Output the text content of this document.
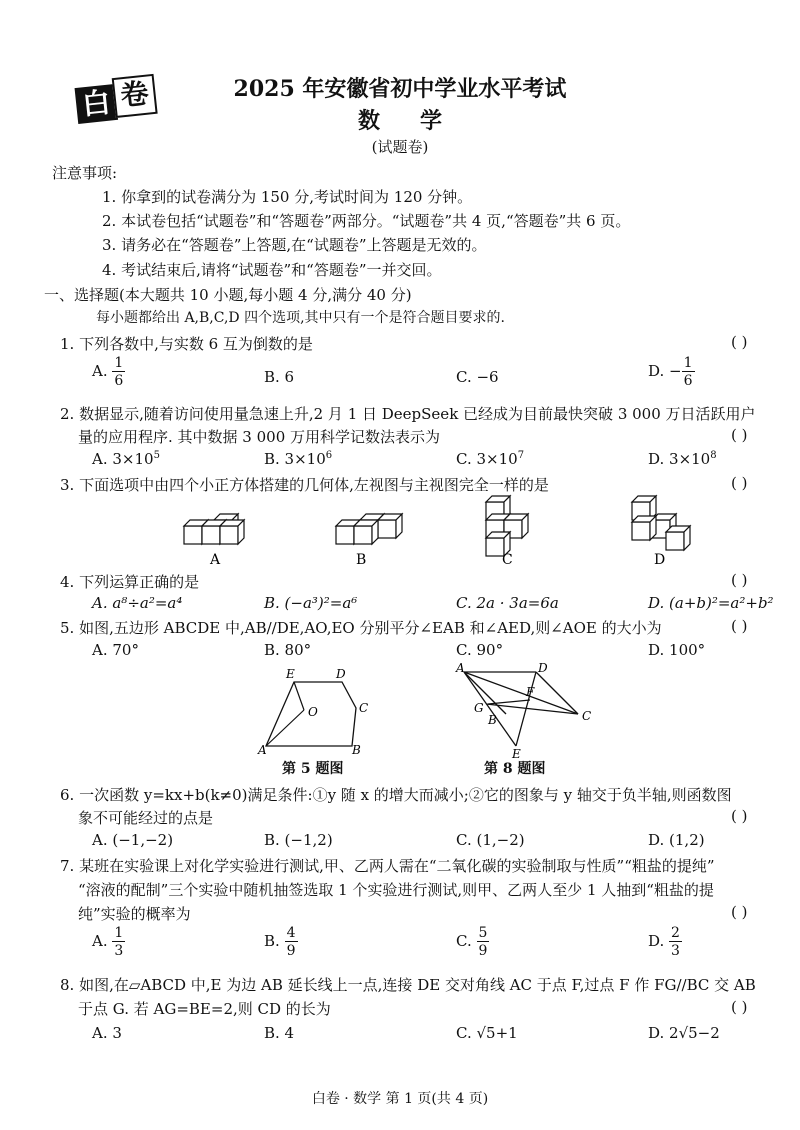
白 卷	2025 年安徽省初中学业水平考试
数学
(试题卷)
注意事项:
1. 你拿到的试卷满分为 150 分,考试时间为 120 分钟。
2. 本试卷包括“试题卷”和“答题卷”两部分。“试题卷”共 4 页,“答题卷”共 6 页。
3. 请务必在“答题卷”上答题,在“试题卷”上答题是无效的。
4. 考试结束后,请将“试题卷”和“答题卷”一并交回。
一、选择题(本大题共 10 小题,每小题 4 分,满分 40 分)
每小题都给出 A,B,C,D 四个选项,其中只有一个是符合题目要求的.
1. 下列各数中,与实数 6 互为倒数的是	( )
A. $\frac{1}{6}$	B. 6	C. −6	D. − $\frac{1}{6}$
2. 数据显示,随着访问使用量急速上升,2 月 1 日 DeepSeek 已经成为目前最快突破 3 000 万日活跃用户
量的应用程序. 其中数据 3 000 万用科学记数法表示为	( )
A. $3\times 10^5$	B. $3\times 10^6$	C. $3\times 10^7$	D. $3\times 10^8$
3. 下面选项中由四个小正方体搭建的几何体,左视图与主视图完全一样的是	( )
A	B	C	D
4. 下列运算正确的是	( )
A. a⁸÷a²=a⁴	B. (−a³)²=a⁶	C. 2a · 3a=6a	D. (a+b)²=a²+b²
5. 如图,五边形 ABCDE 中,AB//DE,AO,EO 分别平分∠EAB 和∠AED,则∠AOE 的大小为	( )
A. 70°	B. 80°	C. 90°	D. 100°
E	D
C
O
A	B
第 5 题图
A	D
F
G
B	C
E
第 8 题图
6. 一次函数 y=kx+b(k≠0)满足条件:①y 随 x 的增大而减小;②它的图象与 y 轴交于负半轴,则函数图
象不可能经过的点是	( )
A. (−1,−2)	B. (−1,2)	C. (1,−2)	D. (1,2)
7. 某班在实验课上对化学实验进行测试,甲、乙两人需在“二氧化碳的实验制取与性质”“粗盐的提纯”
“溶液的配制”三个实验中随机抽签选取 1 个实验进行测试,则甲、乙两人至少 1 人抽到“粗盐的提
纯”实验的概率为	( )
A. $\frac{1}{3}$	B. $\frac{4}{9}$	C. $\frac{5}{9}$	D. $\frac{2}{3}$
8. 如图,在▱ABCD 中,E 为边 AB 延长线上一点,连接 DE 交对角线 AC 于点 F,过点 F 作 FG//BC 交 AB
于点 G. 若 AG=BE=2,则 CD 的长为	( )
A. 3	B. 4	C. √5+1	D. 2√5−2
白卷 · 数学 第 1 页(共 4 页)
